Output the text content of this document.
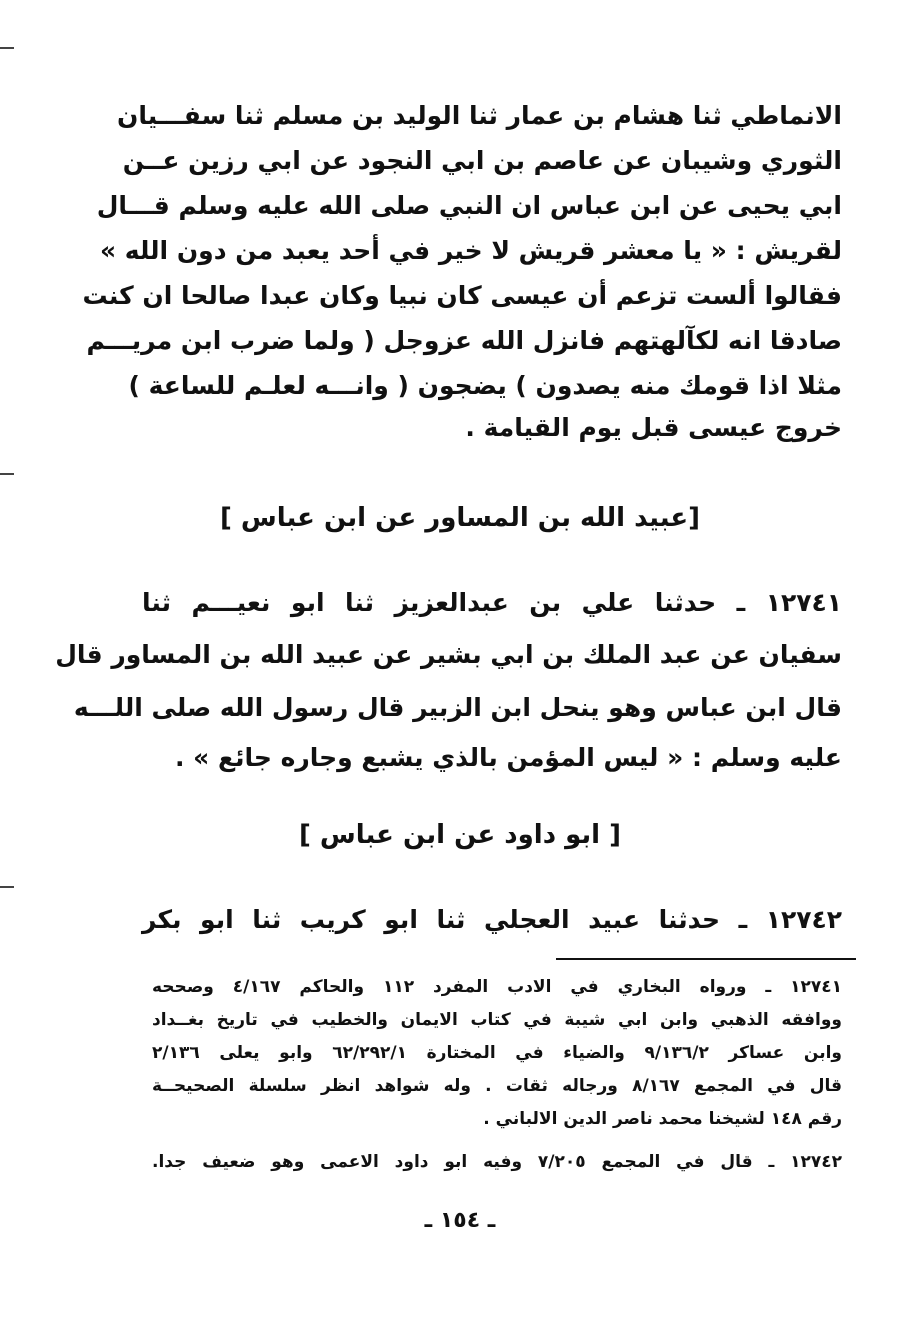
الانماطي ثنا هشام بن عمار ثنا الوليد بن مسلم ثنا سفـــيان
الثوري وشيبان عن عاصم بن ابي النجود عن ابي رزين عــن
ابي يحيى عن ابن عباس ان النبي صلى الله عليه وسلم قـــال
لقريش : « يا معشر قريش لا خير في أحد يعبد من دون الله »
فقالوا ألست تزعم أن عيسى كان نبيا وكان عبدا صالحا ان كنت
صادقا انه لكآلهتهم فانزل الله عزوجل ( ولما ضرب ابن مريـــم
مثلا اذا قومك منه يصدون ) يضجون ( وانـــه لعلـم للساعة )
خروج عيسى قبل يوم القيامة .
[عبيد الله بن المساور عن ابن عباس ]
١٢٧٤١ ـ حدثنا علي بن عبدالعزيز ثنا ابو نعيـــم ثنا
سفيان عن عبد الملك بن ابي بشير عن عبيد الله بن المساور قال
قال ابن عباس وهو ينحل ابن الزبير قال رسول الله صلى اللـــه
عليه وسلم : « ليس المؤمن بالذي يشبع وجاره جائع » .
[ ابو داود عن ابن عباس ]
١٢٧٤٢ ـ حدثنا عبيد العجلي ثنا ابو كريب ثنا ابو بكر
١٢٧٤١ ـ ورواه البخاري في الادب المفرد ١١٢ والحاكم ٤/١٦٧ وصححه
ووافقه الذهبي وابن ابي شيبة في كتاب الايمان والخطيب في تاريخ بغــداد
وابن عساكر ٩/١٣٦/٢ والضياء في المختارة ٦٢/٢٩٢/١ وابو يعلى ٢/١٣٦
قال في المجمع ٨/١٦٧ ورجاله ثقات . وله شواهد انظر سلسلة الصحيحــة
رقم ١٤٨ لشيخنا محمد ناصر الدين الالباني .
١٢٧٤٢ ـ قال في المجمع ٧/٢٠٥ وفيه ابو داود الاعمى وهو ضعيف جدا.
ـ ١٥٤ ـ
